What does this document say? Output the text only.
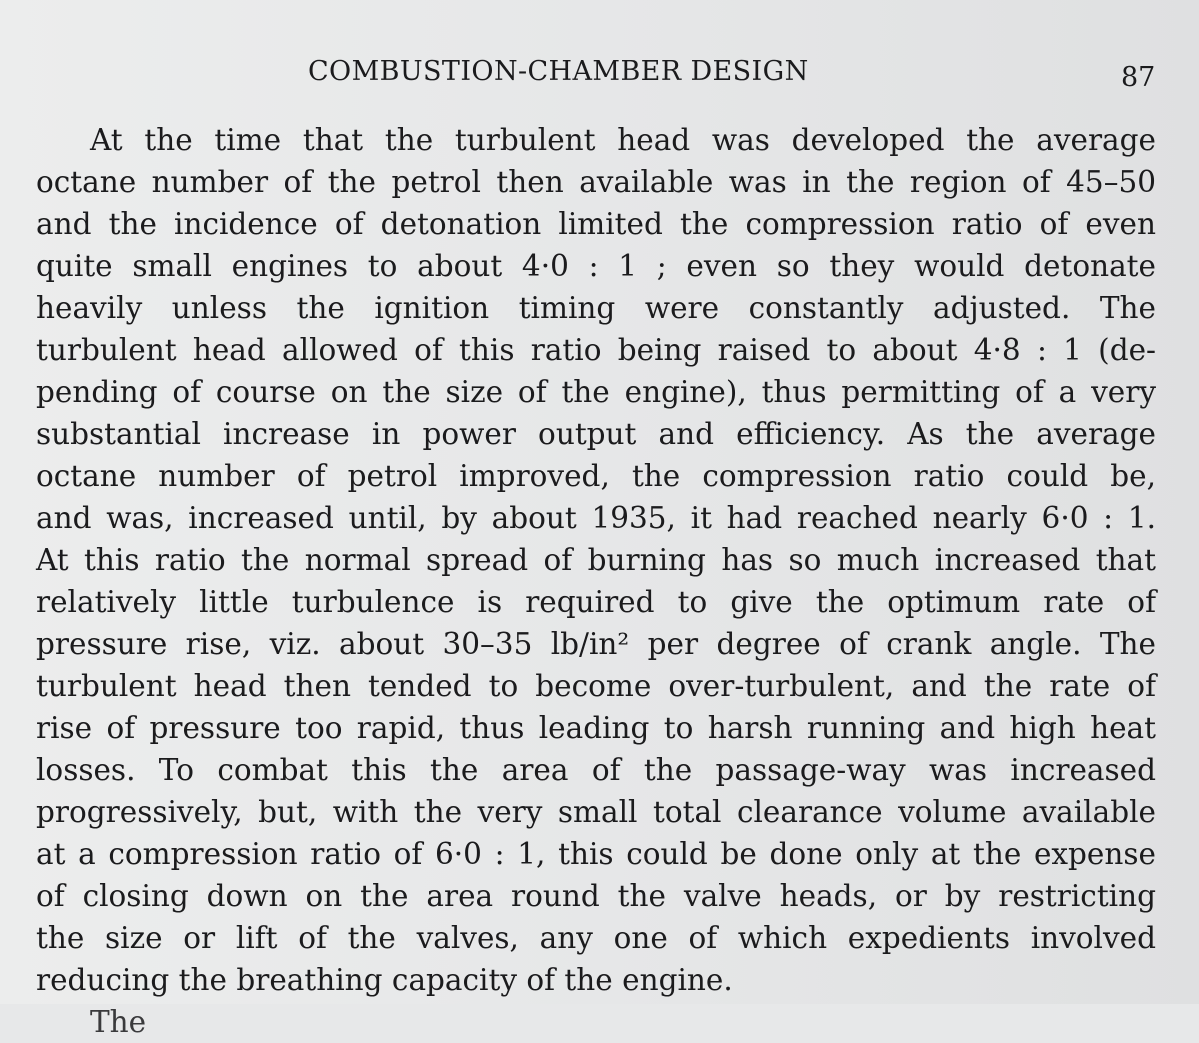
COMBUSTION-CHAMBER DESIGN	87

At the time that the turbulent head was developed the average
octane number of the petrol then available was in the region of 45–50
and the incidence of detonation limited the compression ratio of even
quite small engines to about 4·0 : 1 ; even so they would detonate
heavily unless the ignition timing were constantly adjusted. The
turbulent head allowed of this ratio being raised to about 4·8 : 1 (de-
pending of course on the size of the engine), thus permitting of a very
substantial increase in power output and efficiency. As the average
octane number of petrol improved, the compression ratio could be,
and was, increased until, by about 1935, it had reached nearly 6·0 : 1.
At this ratio the normal spread of burning has so much increased that
relatively little turbulence is required to give the optimum rate of
pressure rise, viz. about 30–35 lb/in² per degree of crank angle. The
turbulent head then tended to become over-turbulent, and the rate of
rise of pressure too rapid, thus leading to harsh running and high heat
losses. To combat this the area of the passage-way was increased
progressively, but, with the very small total clearance volume available
at a compression ratio of 6·0 : 1, this could be done only at the expense
of closing down on the area round the valve heads, or by restricting
the size or lift of the valves, any one of which expedients involved
reducing the breathing capacity of the engine.
The
